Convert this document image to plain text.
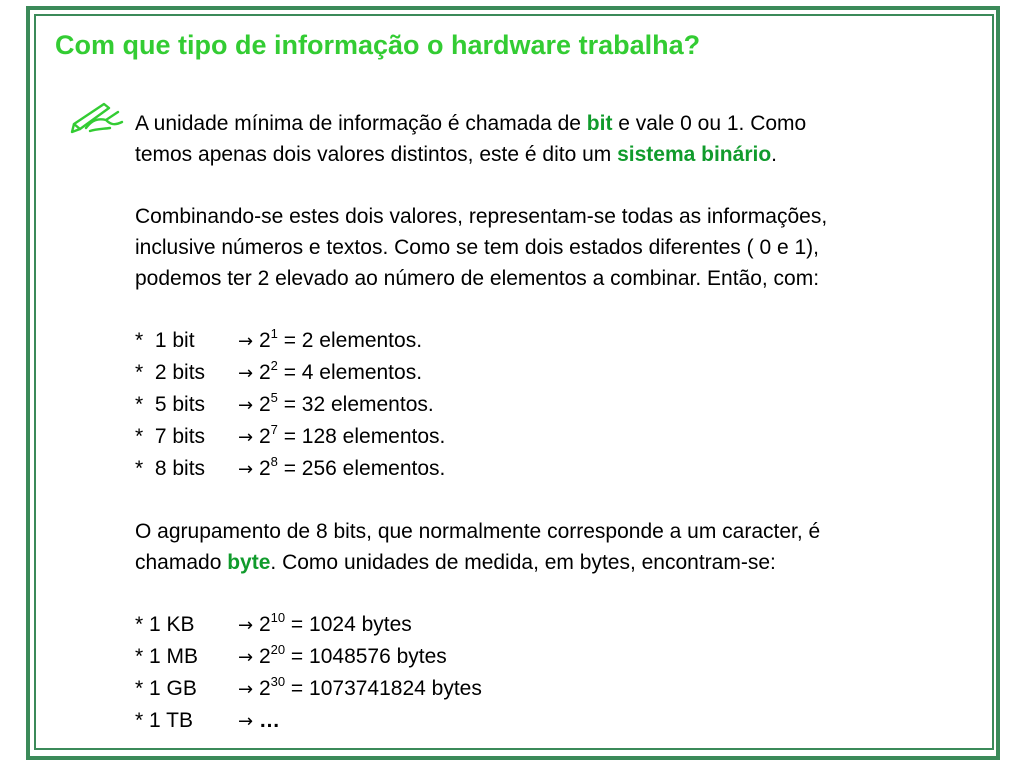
Com que tipo de informação o hardware trabalha?

A unidade mínima de informação é chamada de bit e vale 0 ou 1. Como

temos apenas dois valores distintos, este é dito um sistema binário.

Combinando-se estes dois valores, representam-se todas as informações,

inclusive números e textos. Como se tem dois estados diferentes ( 0 e 1),

podemos ter 2 elevado ao número de elementos a combinar. Então, com:

*  1 bit → $2^1 = 2$ elementos.
*  2 bits → $2^2 = 4$ elementos.
*  5 bits → $2^5 = 32$ elementos.
*  7 bits → $2^7 = 128$ elementos.
*  8 bits → $2^8 = 256$ elementos.

O agrupamento de 8 bits, que normalmente corresponde a um caracter, é

chamado byte. Como unidades de medida, em bytes, encontram-se:

* 1 KB → $2^{10} = 1024$ bytes
* 1 MB → $2^{20} = 1048576$ bytes
* 1 GB → $2^{30} = 1073741824$ bytes
* 1 TB	→ …
